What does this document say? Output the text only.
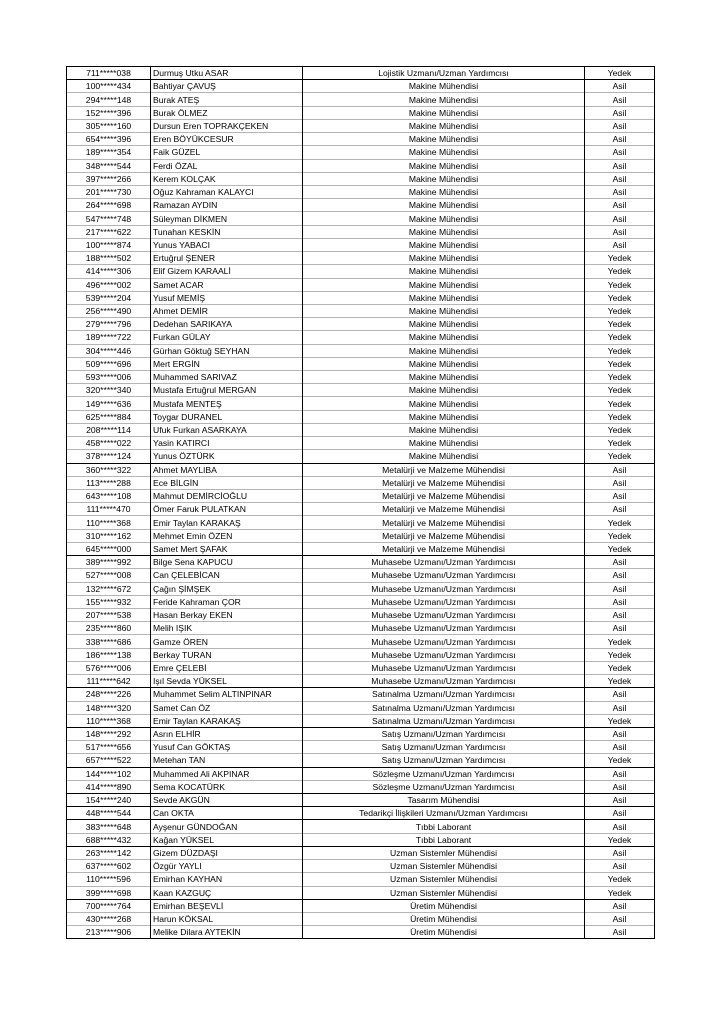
711*****038	Durmuş Utku ASAR	Lojistik Uzmanı/Uzman Yardımcısı	Yedek
100*****434	Bahtiyar ÇAVUŞ	Makine Mühendisi	Asil
294*****148	Burak ATEŞ	Makine Mühendisi	Asil
152*****396	Burak ÖLMEZ	Makine Mühendisi	Asil
305*****160	Dursun Eren TOPRAKÇEKEN	Makine Mühendisi	Asil
654*****396	Eren BÖYÜKCESUR	Makine Mühendisi	Asil
189*****354	Faik GÜZEL	Makine Mühendisi	Asil
348*****544	Ferdi ÖZAL	Makine Mühendisi	Asil
397*****266	Kerem KOLÇAK	Makine Mühendisi	Asil
201*****730	Oğuz Kahraman KALAYCI	Makine Mühendisi	Asil
264*****698	Ramazan AYDIN	Makine Mühendisi	Asil
547*****748	Süleyman DİKMEN	Makine Mühendisi	Asil
217*****622	Tunahan KESKİN	Makine Mühendisi	Asil
100*****874	Yunus YABACI	Makine Mühendisi	Asil
188*****502	Ertuğrul ŞENER	Makine Mühendisi	Yedek
414*****306	Elif Gizem KARAALİ	Makine Mühendisi	Yedek
496*****002	Samet ACAR	Makine Mühendisi	Yedek
539*****204	Yusuf MEMİŞ	Makine Mühendisi	Yedek
256*****490	Ahmet DEMİR	Makine Mühendisi	Yedek
279*****796	Dedehan SARIKAYA	Makine Mühendisi	Yedek
189*****722	Furkan GÜLAY	Makine Mühendisi	Yedek
304*****446	Gürhan Göktuğ SEYHAN	Makine Mühendisi	Yedek
509*****696	Mert ERGİN	Makine Mühendisi	Yedek
593*****006	Muhammed SARIVAZ	Makine Mühendisi	Yedek
320*****340	Mustafa Ertuğrul MERGAN	Makine Mühendisi	Yedek
149*****636	Mustafa MENTEŞ	Makine Mühendisi	Yedek
625*****884	Toygar DURANEL	Makine Mühendisi	Yedek
208*****114	Ufuk Furkan ASARKAYA	Makine Mühendisi	Yedek
458*****022	Yasin KATIRCI	Makine Mühendisi	Yedek
378*****124	Yunus ÖZTÜRK	Makine Mühendisi	Yedek
360*****322	Ahmet MAYLIBA	Metalürji ve Malzeme Mühendisi	Asil
113*****288	Ece BİLGİN	Metalürji ve Malzeme Mühendisi	Asil
643*****108	Mahmut DEMİRCİOĞLU	Metalürji ve Malzeme Mühendisi	Asil
111*****470	Ömer Faruk PULATKAN	Metalürji ve Malzeme Mühendisi	Asil
110*****368	Emir Taylan KARAKAŞ	Metalürji ve Malzeme Mühendisi	Yedek
310*****162	Mehmet Emin ÖZEN	Metalürji ve Malzeme Mühendisi	Yedek
645*****000	Samet Mert ŞAFAK	Metalürji ve Malzeme Mühendisi	Yedek
389*****992	Bilge Sena KAPUCU	Muhasebe Uzmanı/Uzman Yardımcısı	Asil
527*****008	Can ÇELEBİCAN	Muhasebe Uzmanı/Uzman Yardımcısı	Asil
132*****672	Çağın ŞİMŞEK	Muhasebe Uzmanı/Uzman Yardımcısı	Asil
155*****932	Feride Kahraman ÇOR	Muhasebe Uzmanı/Uzman Yardımcısı	Asil
207*****538	Hasan Berkay EKEN	Muhasebe Uzmanı/Uzman Yardımcısı	Asil
235*****860	Melih IŞIK	Muhasebe Uzmanı/Uzman Yardımcısı	Asil
338*****686	Gamze ÖREN	Muhasebe Uzmanı/Uzman Yardımcısı	Yedek
186*****138	Berkay TURAN	Muhasebe Uzmanı/Uzman Yardımcısı	Yedek
576*****006	Emre ÇELEBİ	Muhasebe Uzmanı/Uzman Yardımcısı	Yedek
111*****642	Işıl Sevda YÜKSEL	Muhasebe Uzmanı/Uzman Yardımcısı	Yedek
248*****226	Muhammet Selim ALTINPINAR	Satınalma Uzmanı/Uzman Yardımcısı	Asil
148*****320	Samet Can ÖZ	Satınalma Uzmanı/Uzman Yardımcısı	Asil
110*****368	Emir Taylan KARAKAŞ	Satınalma Uzmanı/Uzman Yardımcısı	Yedek
148*****292	Asrın ELHİR	Satış Uzmanı/Uzman Yardımcısı	Asil
517*****656	Yusuf Can GÖKTAŞ	Satış Uzmanı/Uzman Yardımcısı	Asil
657*****522	Metehan TAN	Satış Uzmanı/Uzman Yardımcısı	Yedek
144*****102	Muhammed Ali AKPINAR	Sözleşme Uzmanı/Uzman Yardımcısı	Asil
414*****890	Sema KOCATÜRK	Sözleşme Uzmanı/Uzman Yardımcısı	Asil
154*****240	Sevde AKGÜN	Tasarım Mühendisi	Asil
448*****544	Can OKTA	Tedarikçi İlişkileri Uzmanı/Uzman Yardımcısı	Asil
383*****648	Ayşenur GÜNDOĞAN	Tıbbi Laborant	Asil
688*****432	Kağan YÜKSEL	Tıbbi Laborant	Yedek
263*****142	Gizem DÜZDAŞI	Uzman Sistemler Mühendisi	Asil
637*****602	Özgür YAYLI	Uzman Sistemler Mühendisi	Asil
110*****596	Emirhan KAYHAN	Uzman Sistemler Mühendisi	Yedek
399*****698	Kaan KAZGUÇ	Uzman Sistemler Mühendisi	Yedek
700*****764	Emirhan BEŞEVLİ	Üretim Mühendisi	Asil
430*****268	Harun KÖKSAL	Üretim Mühendisi	Asil
213*****906	Melike Dilara AYTEKİN	Üretim Mühendisi	Asil
